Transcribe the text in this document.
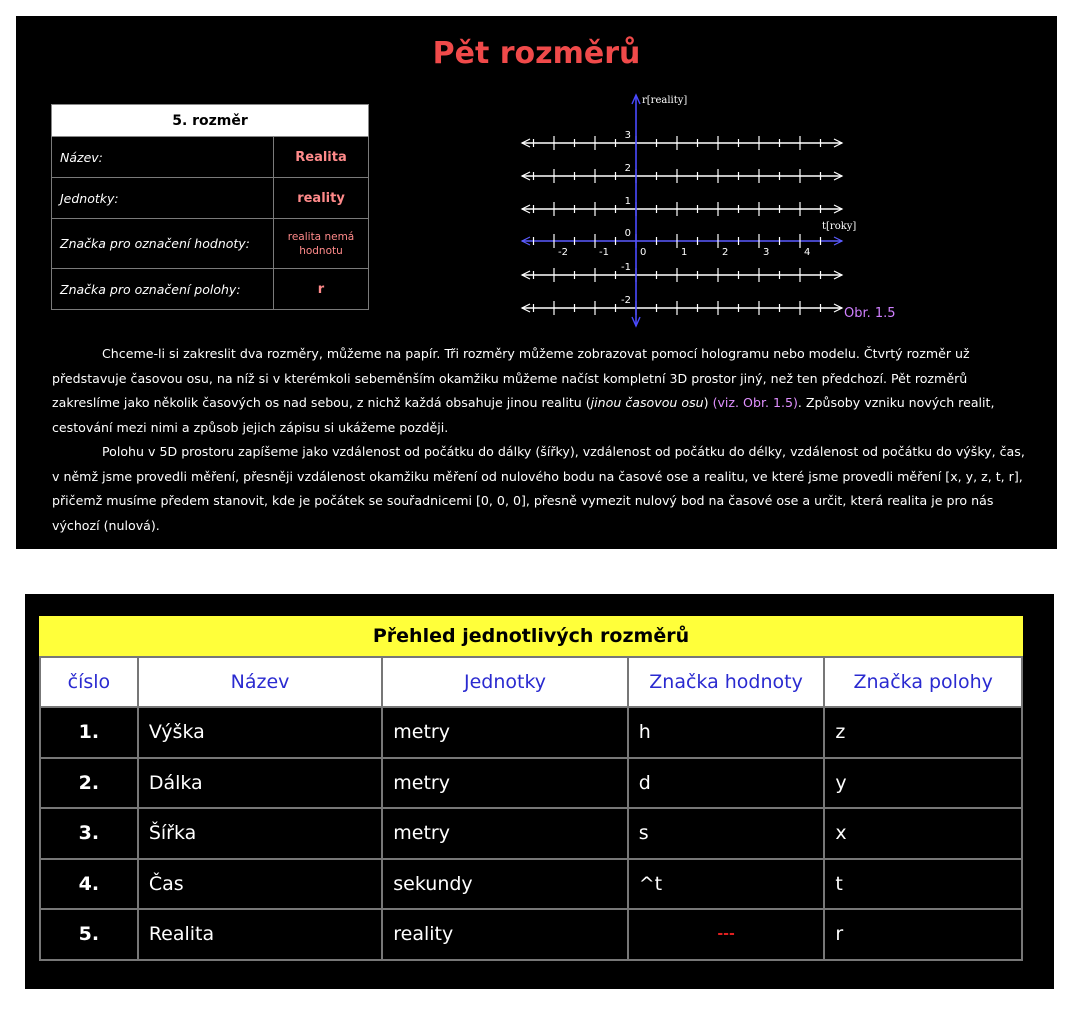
Pět rozměrů
5. rozměr	
Název:	Realita
Jednotky:	reality
Značka pro označení hodnoty:	realita nemá hodnotu
Značka pro označení polohy:	r
3
2
1
0
-1
-2
-2	-1	0	1	2	3	4
r[reality]
t[roky]
Obr. 1.5

Chceme-li si zakreslit dva rozměry, můžeme na papír. Tři rozměry můžeme zobrazovat pomocí hologramu nebo modelu. Čtvrtý rozměr už představuje časovou osu, na níž si v kterémkoli sebeměnším okamžiku můžeme načíst kompletní 3D prostor jiný, než ten předchozí. Pět rozměrů zakreslíme jako několik časových os nad sebou, z nichž každá obsahuje jinou realitu (jinou časovou osu) (viz. Obr. 1.5). Způsoby vzniku nových realit, cestování mezi nimi a způsob jejich zápisu si ukážeme později.

Polohu v 5D prostoru zapíšeme jako vzdálenost od počátku do dálky (šířky), vzdálenost od počátku do délky, vzdálenost od počátku do výšky, čas, v němž jsme provedli měření, přesněji vzdálenost okamžiku měření od nulového bodu na časové ose a realitu, ve které jsme provedli měření [x, y, z, t, r], přičemž musíme předem stanovit, kde je počátek se souřadnicemi [0, 0, 0], přesně vymezit nulový bod na časové ose a určit, která realita je pro nás výchozí (nulová).

Přehled jednotlivých rozměrů
číslo	Název	Jednotky	Značka hodnoty	Značka polohy
1.	Výška	metry	h	z
2.	Dálka	metry	d	y
3.	Šířka	metry	s	x
4.	Čas	sekundy	^t	t
5.	Realita	reality	---	r
